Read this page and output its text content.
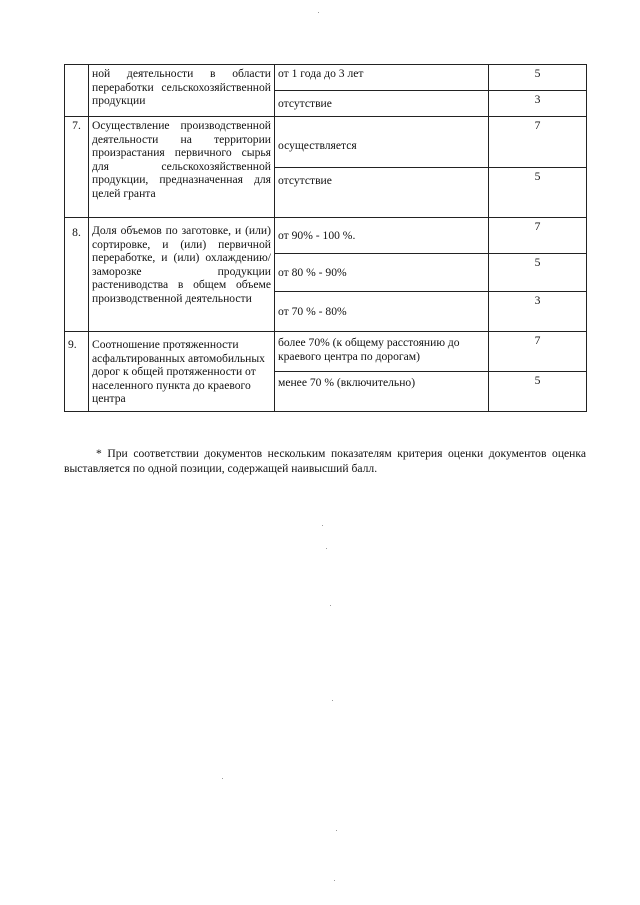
	ной деятельности в области переработки сельскохозяйственной продукции	от 1 года до 3 лет	5
		отсутствие	3
7.	Осуществление производственной деятельности на территории произрастания первичного сырья для сельскохозяйственной продукции, предназначенная для целей гранта	осуществляется	7
		отсутствие	5
8.	Доля объемов по заготовке, и (или) сортировке, и (или) первичной переработке, и (или) охлаждению/заморозке продукции растениводства в общем объеме производственной деятельности	от 90% - 100 %.	7
		от 80 % - 90%	5
		от 70 % - 80%	3
9.	Соотношение протяженности асфальтированных автомобильных дорог к общей протяженности от населенного пункта до краевого центра	более 70% (к общему расстоянию до краевого центра по дорогам)	7
		менее 70 % (включительно)	5

* При соответствии документов нескольким показателям критерия оценки документов оценка выставляется по одной позиции, содержащей наивысший балл.
